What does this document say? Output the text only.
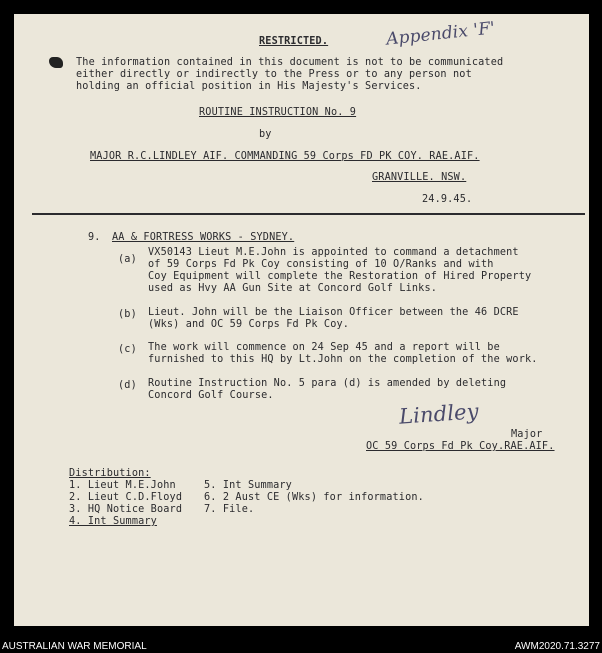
RESTRICTED.	Appendix 'F'
The information contained in this document is not to be communicated
either directly or indirectly to the Press or to any person not
holding an official position in His Majesty's Services.
ROUTINE INSTRUCTION No. 9
by
MAJOR R.C.LINDLEY AIF. COMMANDING 59 Corps FD PK COY. RAE.AIF.
GRANVILLE. NSW.
24.9.45.
9. AA & FORTRESS WORKS - SYDNEY.
(a)
VX50143 Lieut M.E.John is appointed to command a detachment
of 59 Corps Fd Pk Coy consisting of 10 O/Ranks and with
Coy Equipment will complete the Restoration of Hired Property
used as Hvy AA Gun Site at Concord Golf Links.
(b) Lieut. John will be the Liaison Officer between the 46 DCRE
(Wks) and OC 59 Corps Fd Pk Coy.
(c) The work will commence on 24 Sep 45 and a report will be
furnished to this HQ by Lt.John on the completion of the work.
(d) Routine Instruction No. 5 para (d) is amended by deleting
Concord Golf Course.
Lindley
Major
OC 59 Corps Fd Pk Coy.RAE.AIF.
Distribution:
1. Lieut M.E.John
2. Lieut C.D.Floyd
3. HQ Notice Board
4. Int Summary
5. Int Summary
6. 2 Aust CE (Wks) for information.
7. File.
AUSTRALIAN WAR MEMORIAL	AWM2020.71.3277
